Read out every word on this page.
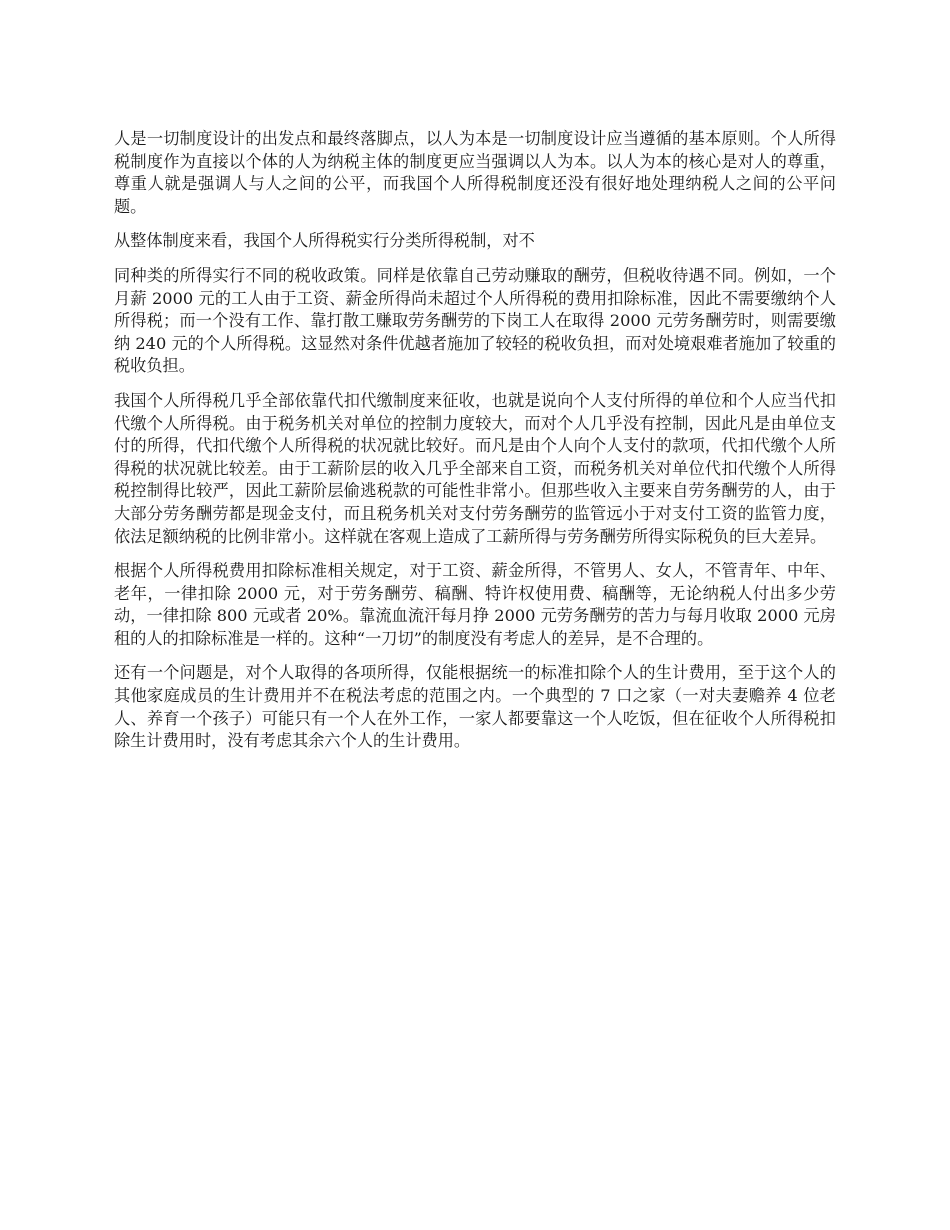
人是一切制度设计的出发点和最终落脚点，以人为本是一切制度设计应当遵循的基本原则。个人所得税制度作为直接以个体的人为纳税主体的制度更应当强调以人为本。以人为本的核心是对人的尊重，尊重人就是强调人与人之间的公平，而我国个人所得税制度还没有很好地处理纳税人之间的公平问题。

从整体制度来看，我国个人所得税实行分类所得税制，对不

同种类的所得实行不同的税收政策。同样是依靠自己劳动赚取的酬劳，但税收待遇不同。例如，一个月薪 2000 元的工人由于工资、薪金所得尚未超过个人所得税的费用扣除标准，因此不需要缴纳个人所得税；而一个没有工作、靠打散工赚取劳务酬劳的下岗工人在取得 2000 元劳务酬劳时，则需要缴纳 240 元的个人所得税。这显然对条件优越者施加了较轻的税收负担，而对处境艰难者施加了较重的税收负担。

我国个人所得税几乎全部依靠代扣代缴制度来征收，也就是说向个人支付所得的单位和个人应当代扣代缴个人所得税。由于税务机关对单位的控制力度较大，而对个人几乎没有控制，因此凡是由单位支付的所得，代扣代缴个人所得税的状况就比较好。而凡是由个人向个人支付的款项，代扣代缴个人所得税的状况就比较差。由于工薪阶层的收入几乎全部来自工资，而税务机关对单位代扣代缴个人所得税控制得比较严，因此工薪阶层偷逃税款的可能性非常小。但那些收入主要来自劳务酬劳的人，由于大部分劳务酬劳都是现金支付，而且税务机关对支付劳务酬劳的监管远小于对支付工资的监管力度，依法足额纳税的比例非常小。这样就在客观上造成了工薪所得与劳务酬劳所得实际税负的巨大差异。

根据个人所得税费用扣除标准相关规定，对于工资、薪金所得，不管男人、女人，不管青年、中年、老年，一律扣除 2000 元，对于劳务酬劳、稿酬、特许权使用费、稿酬等，无论纳税人付出多少劳动，一律扣除 800 元或者 20%。靠流血流汗每月挣 2000 元劳务酬劳的苦力与每月收取 2000 元房租的人的扣除标准是一样的。这种“一刀切”的制度没有考虑人的差异，是不合理的。

还有一个问题是，对个人取得的各项所得，仅能根据统一的标准扣除个人的生计费用，至于这个人的其他家庭成员的生计费用并不在税法考虑的范围之内。一个典型的 7 口之家（一对夫妻赡养 4 位老人、养育一个孩子）可能只有一个人在外工作，一家人都要靠这一个人吃饭，但在征收个人所得税扣除生计费用时，没有考虑其余六个人的生计费用。
